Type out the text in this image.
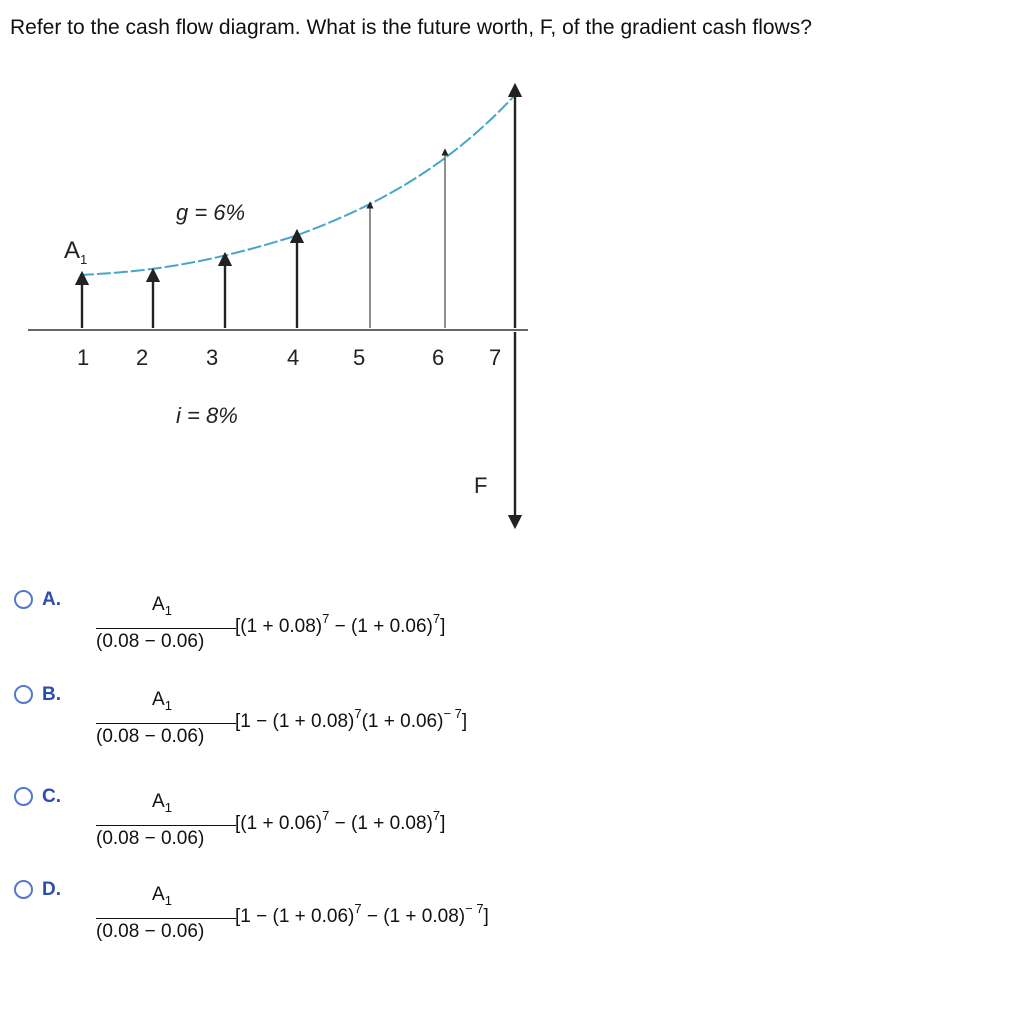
Refer to the cash flow diagram. What is the future worth, F, of the gradient cash flows?
$A_1$
g = 6%
i = 8%
F
1 2	3	4 5	6 7
A.	$A_1$
(0.08 − 0.06)
$[(1 + 0.08)^7 - (1 + 0.06)^7]$
B.	$A_1$
(0.08 − 0.06)
$[1 - (1 + 0.08)^7(1 + 0.06)^{- 7}]$
C.	$A_1$
(0.08 − 0.06)
$[(1 + 0.06)^7 - (1 + 0.08)^7]$
D.	$A_1$
(0.08 − 0.06)
$[1 - (1 + 0.06)^7 - (1 + 0.08)^{- 7}]$
